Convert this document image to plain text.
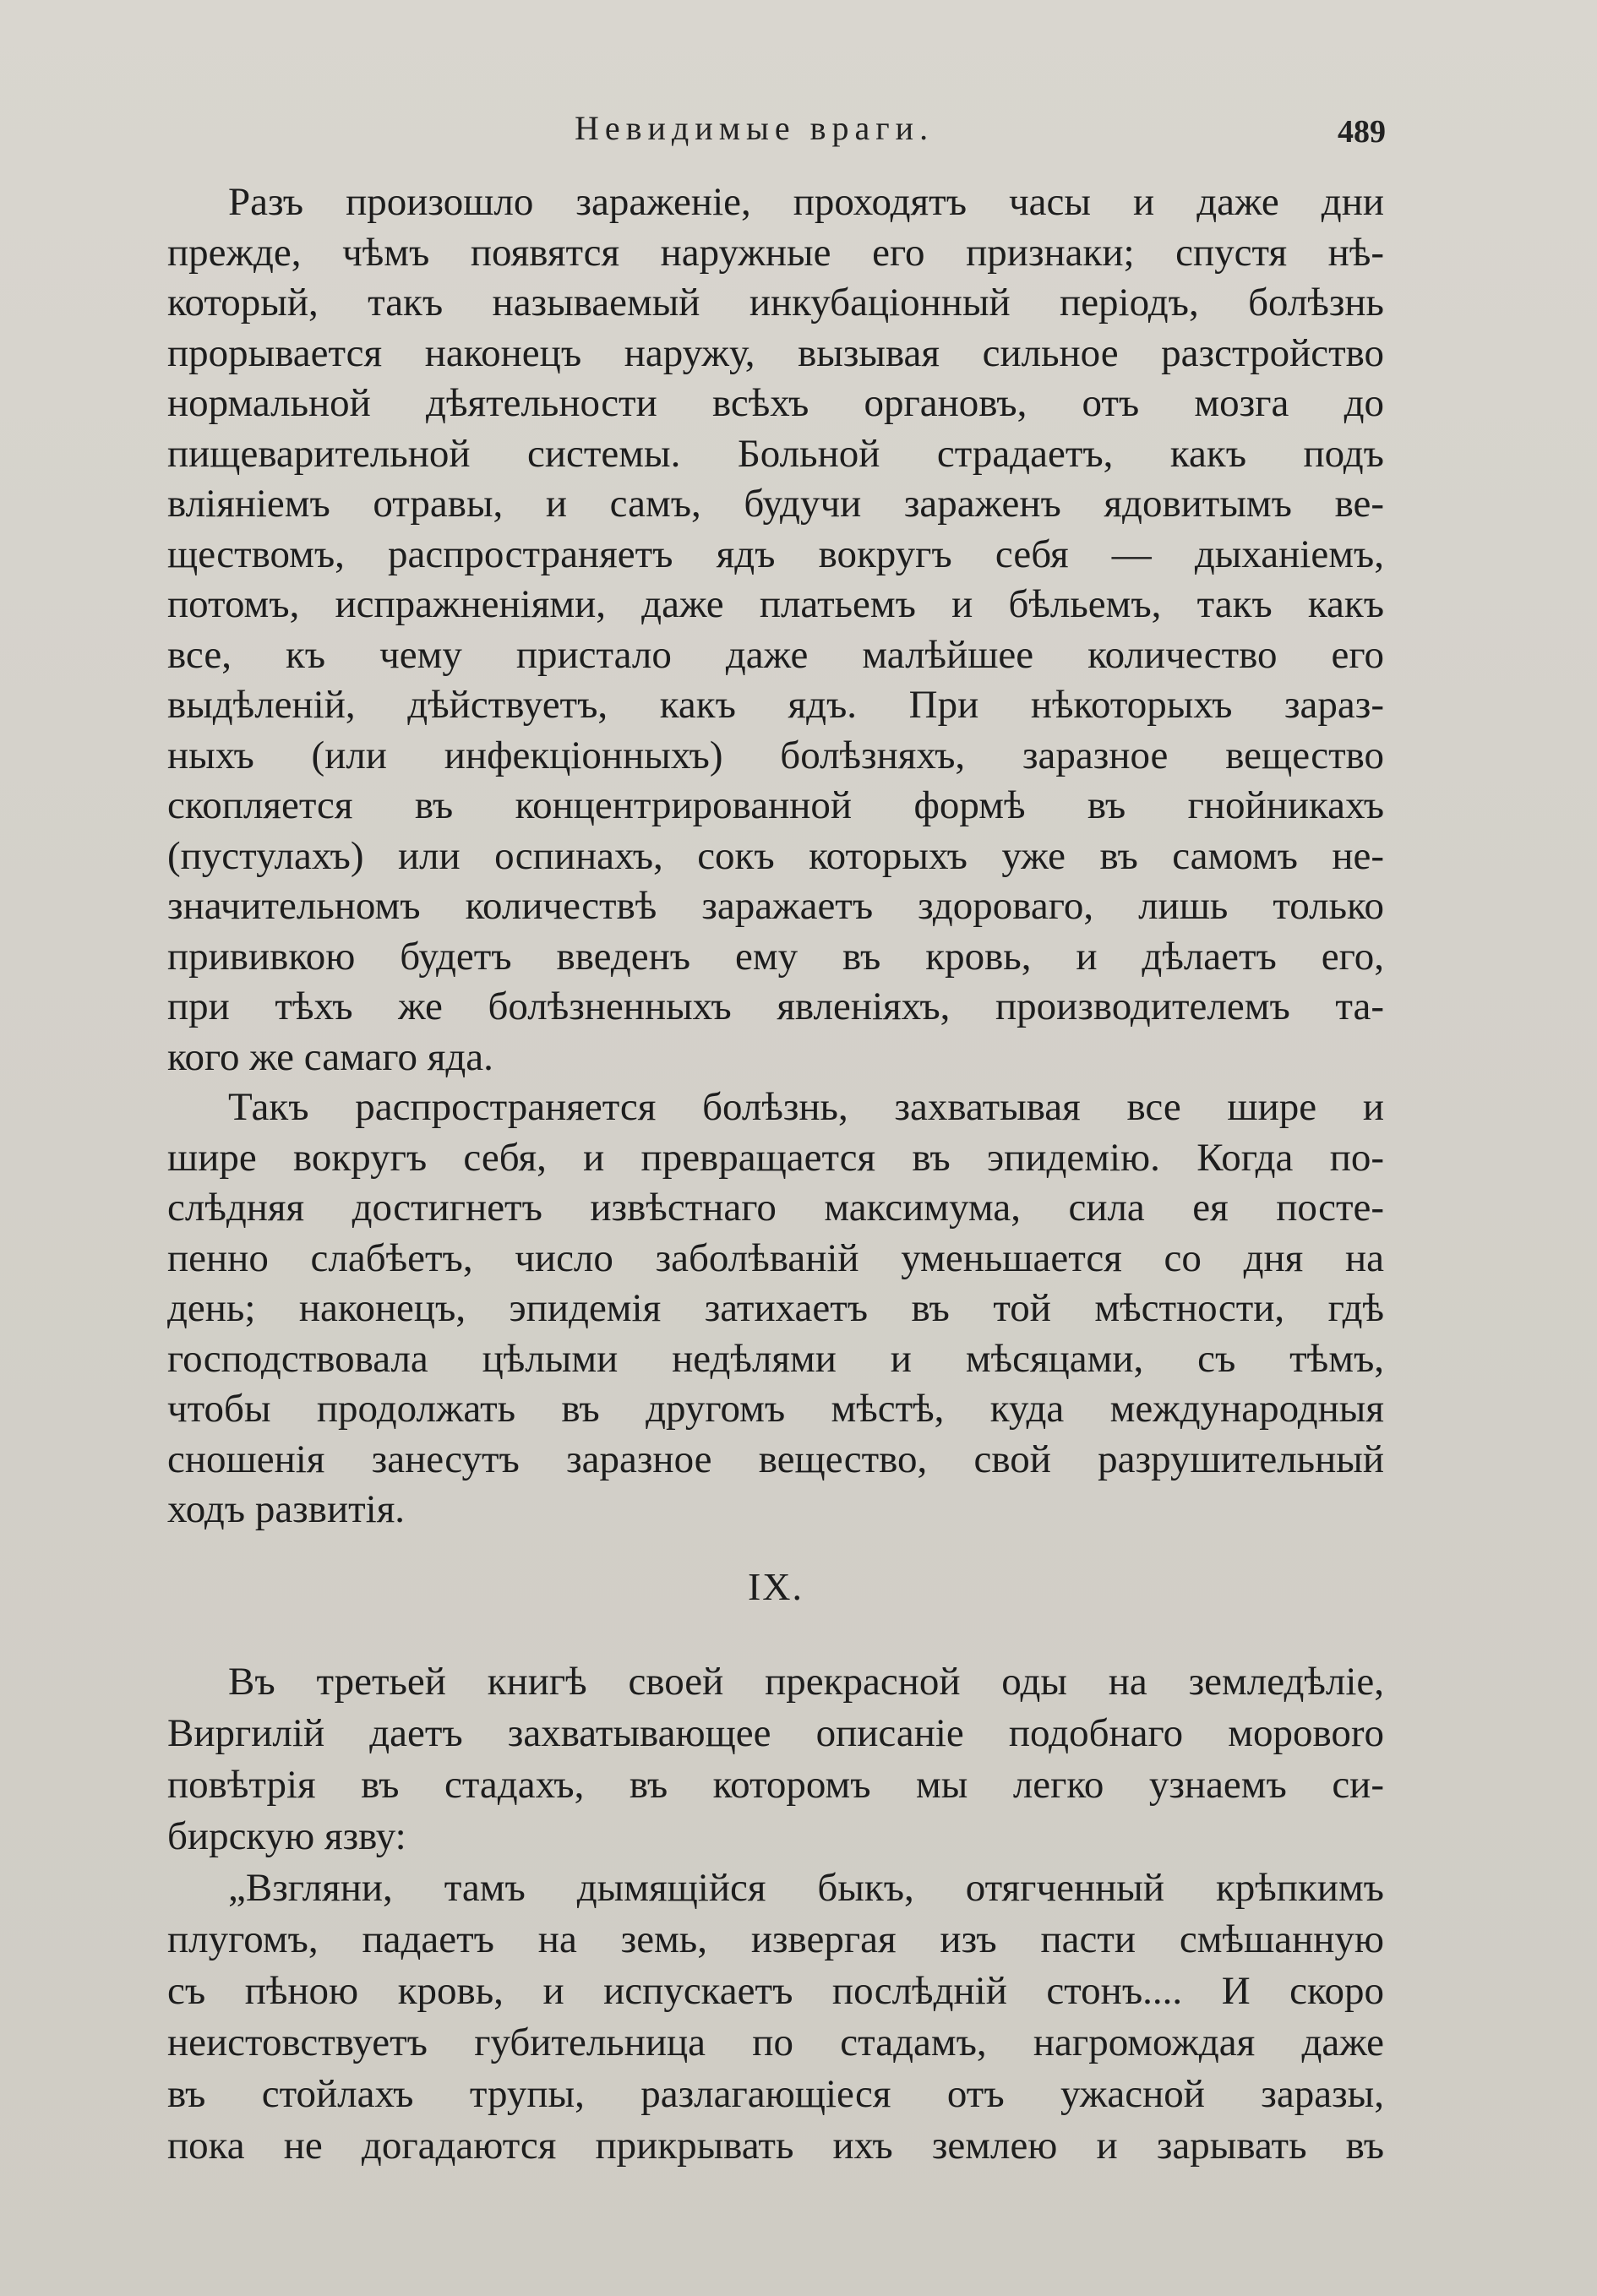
Невидимые враги.	489

Разъ произошло зараженіе, проходятъ часы и даже дни
прежде, чѣмъ появятся наружные его признаки; спустя нѣ-
который, такъ называемый инкубаціонный періодъ, болѣзнь
прорывается наконецъ наружу, вызывая сильное разстройство
нормальной дѣятельности всѣхъ органовъ, отъ мозга до
пищеварительной системы. Больной страдаетъ, какъ подъ
вліяніемъ отравы, и самъ, будучи зараженъ ядовитымъ ве-
ществомъ, распространяетъ ядъ вокругъ себя — дыханіемъ,
потомъ, испражненіями, даже платьемъ и бѣльемъ, такъ какъ
все, къ чему пристало даже малѣйшее количество его
выдѣленій, дѣйствуетъ, какъ ядъ. При нѣкоторыхъ зараз-
ныхъ (или инфекціонныхъ) болѣзняхъ, заразное вещество
скопляется въ концентрированной формѣ въ гнойникахъ
(пустулахъ) или оспинахъ, сокъ которыхъ уже въ самомъ не-
значительномъ количествѣ заражаетъ здороваго, лишь только
прививкою будетъ введенъ ему въ кровь, и дѣлаетъ его,
при тѣхъ же болѣзненныхъ явленіяхъ, производителемъ та-
кого же самаго яда.

Такъ распространяется болѣзнь, захватывая все шире и
шире вокругъ себя, и превращается въ эпидемію. Когда по-
слѣдняя достигнетъ извѣстнаго максимума, сила ея посте-
пенно слабѣетъ, число заболѣваній уменьшается со дня на
день; наконецъ, эпидемія затихаетъ въ той мѣстности, гдѣ
господствовала цѣлыми недѣлями и мѣсяцами, съ тѣмъ,
чтобы продолжать въ другомъ мѣстѣ, куда международныя
сношенія занесутъ заразное вещество, свой разрушительный
ходъ развитія.

IX.

Въ третьей книгѣ своей прекрасной оды на земледѣліе,
Виргилій даетъ захватывающее описаніе подобнаго моровоrо
повѣтрія въ стадахъ, въ которомъ мы легко узнаемъ си-
бирскую язву:

„Взгляни, тамъ дымящійся быкъ, отягченный крѣпкимъ
плугомъ, падаетъ на земь, извергая изъ пасти смѣшанную
съ пѣною кровь, и испускаетъ послѣдній стонъ.... И скоро
неистовствуетъ губительница по стадамъ, нагромождая даже
въ стойлахъ трупы, разлагающіеся отъ ужасной заразы,
пока не догадаются прикрывать ихъ землею и зарывать въ
